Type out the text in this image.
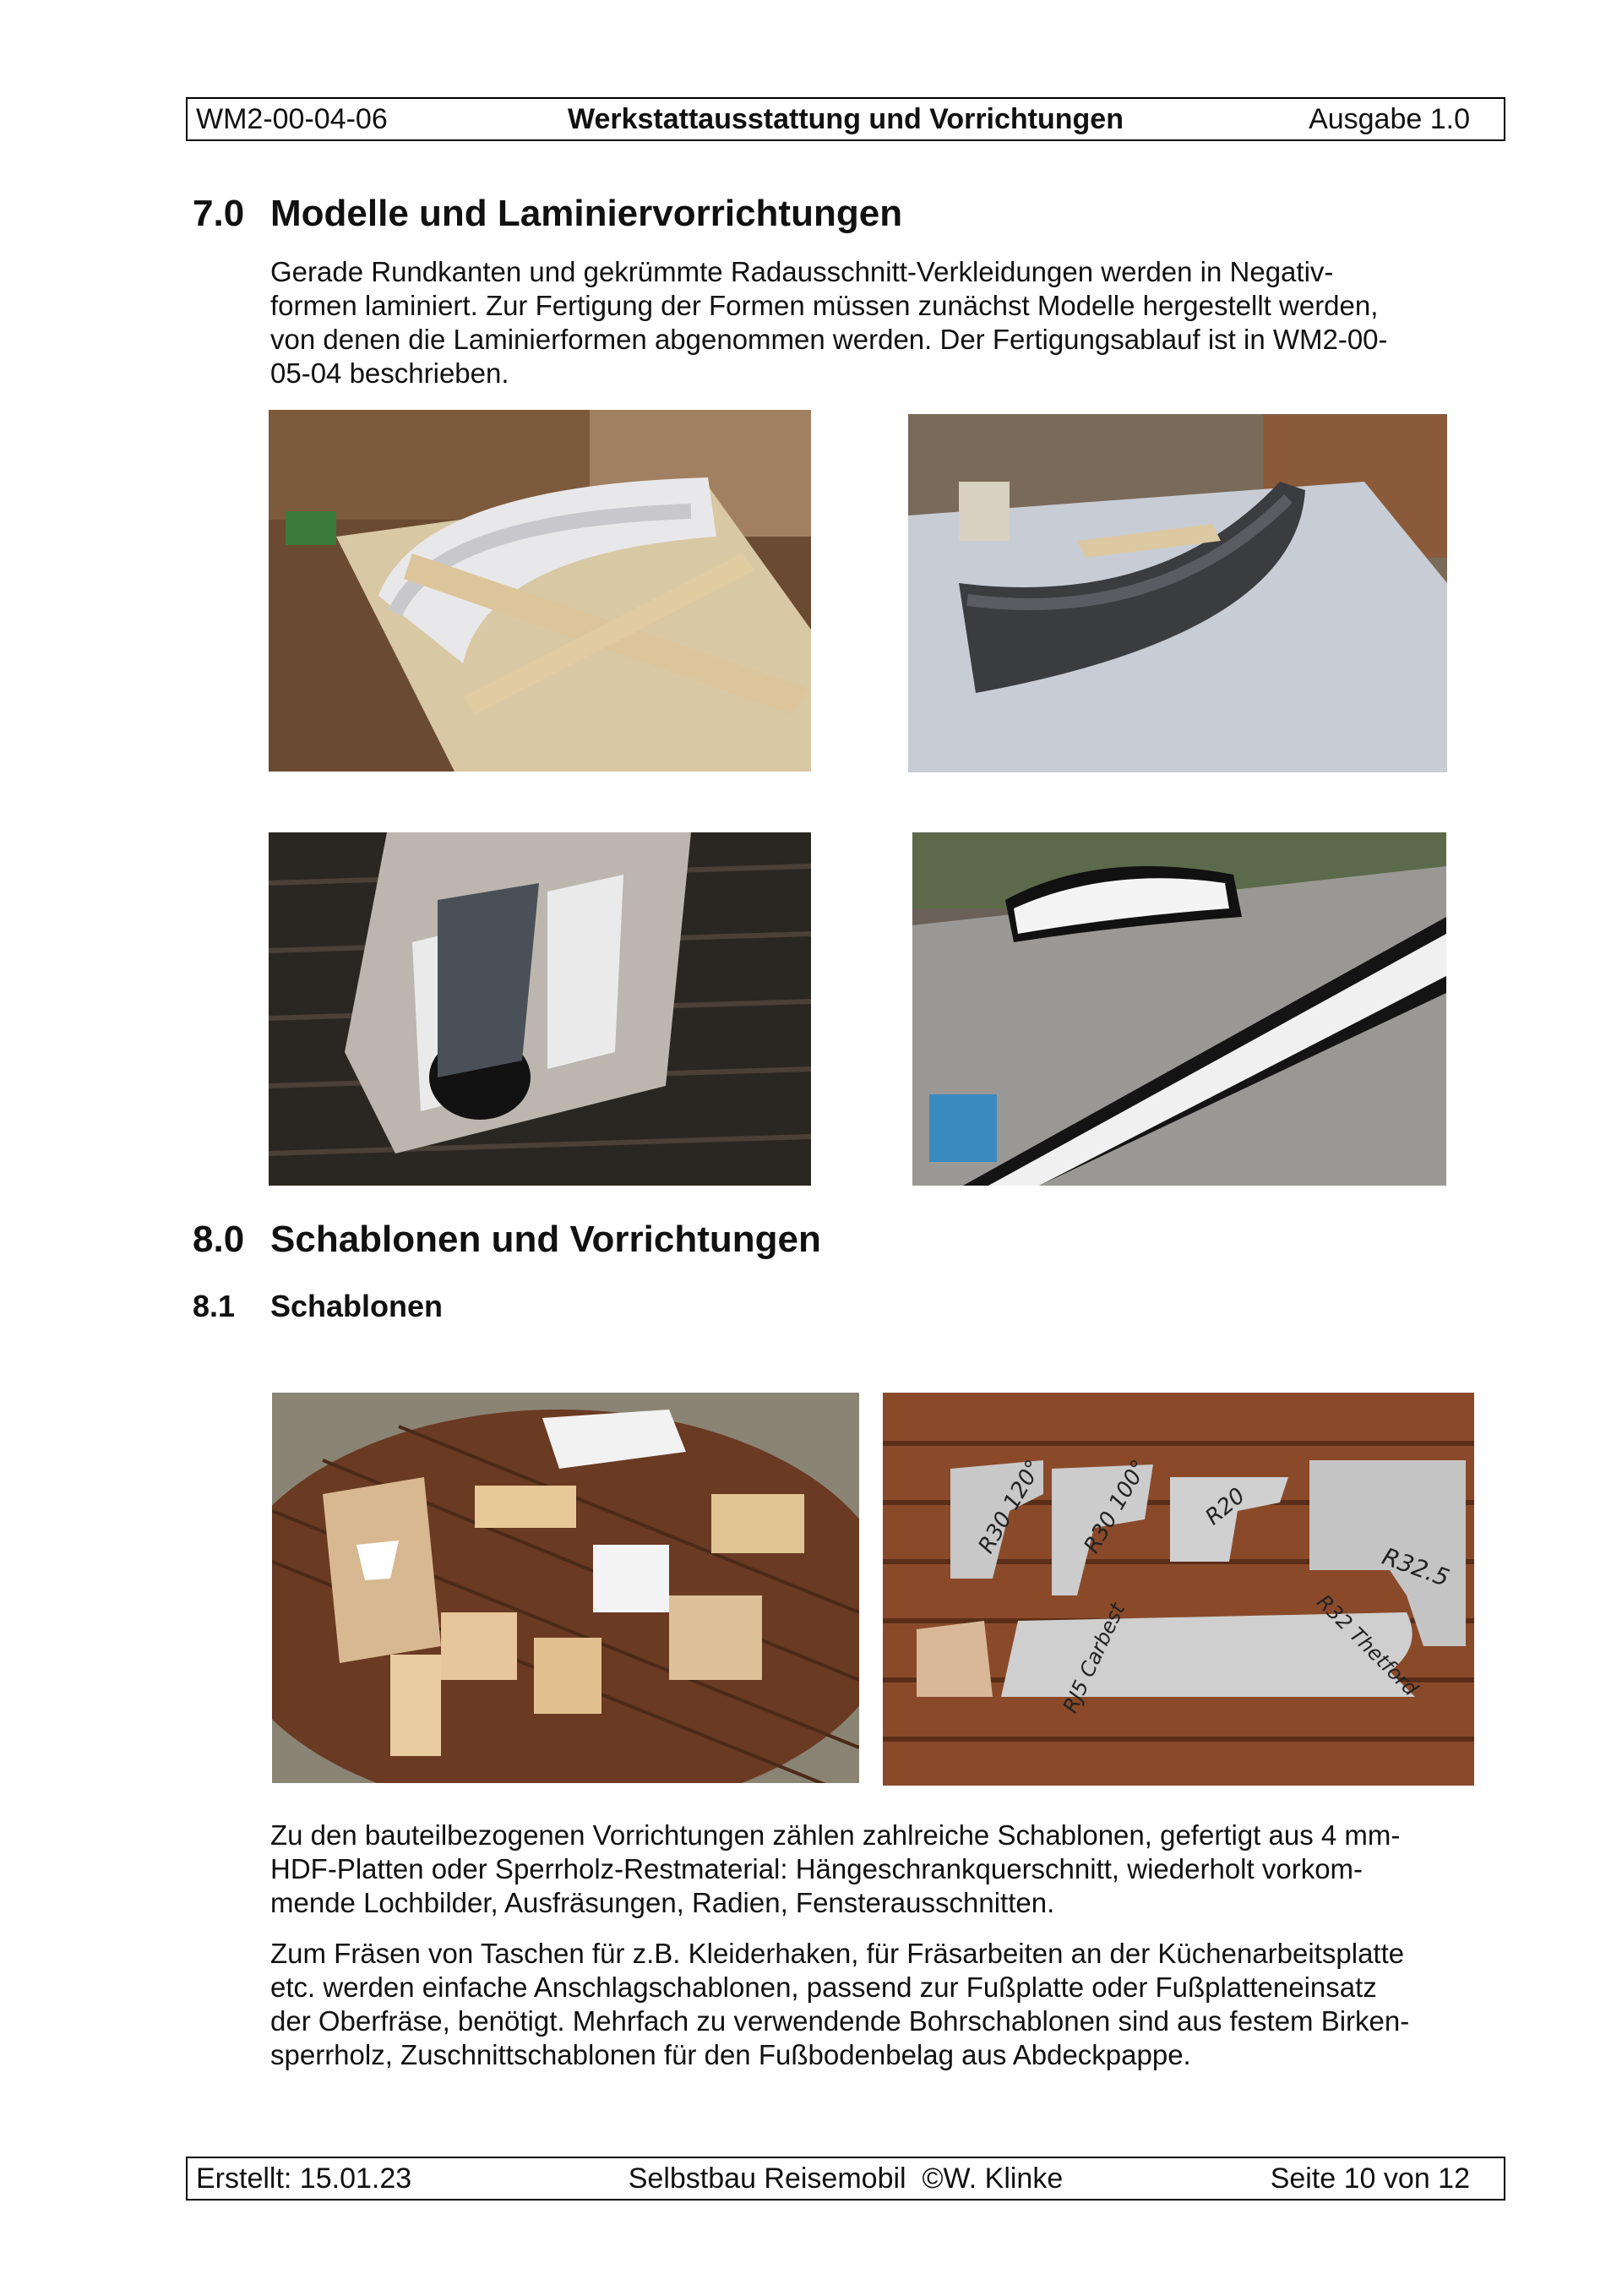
WM2-00-04-06	Werkstattausstattung und Vorrichtungen	Ausgabe 1.0
7.0 Modelle und Laminiervorrichtungen
Gerade Rundkanten und gekrümmte Radausschnitt-Verkleidungen werden in Negativ-
formen laminiert. Zur Fertigung der Formen müssen zunächst Modelle hergestellt werden,
von denen die Laminierformen abgenommen werden. Der Fertigungsablauf ist in WM2-00-
05-04 beschrieben.
8.0 Schablonen und Vorrichtungen
8.1 Schablonen
R30 120° R30 100° R20
R32.5
RJ5 Carbest	R32 Thetford
Zu den bauteilbezogenen Vorrichtungen zählen zahlreiche Schablonen, gefertigt aus 4 mm-
HDF-Platten oder Sperrholz-Restmaterial: Hängeschrankquerschnitt, wiederholt vorkom-
mende Lochbilder, Ausfräsungen, Radien, Fensterausschnitten.
Zum Fräsen von Taschen für z.B. Kleiderhaken, für Fräsarbeiten an der Küchenarbeitsplatte
etc. werden einfache Anschlagschablonen, passend zur Fußplatte oder Fußplatteneinsatz
der Oberfräse, benötigt. Mehrfach zu verwendende Bohrschablonen sind aus festem Birken-
sperrholz, Zuschnittschablonen für den Fußbodenbelag aus Abdeckpappe.
Erstellt: 15.01.23	Selbstbau Reisemobil  ©W. Klinke	Seite 10 von 12
